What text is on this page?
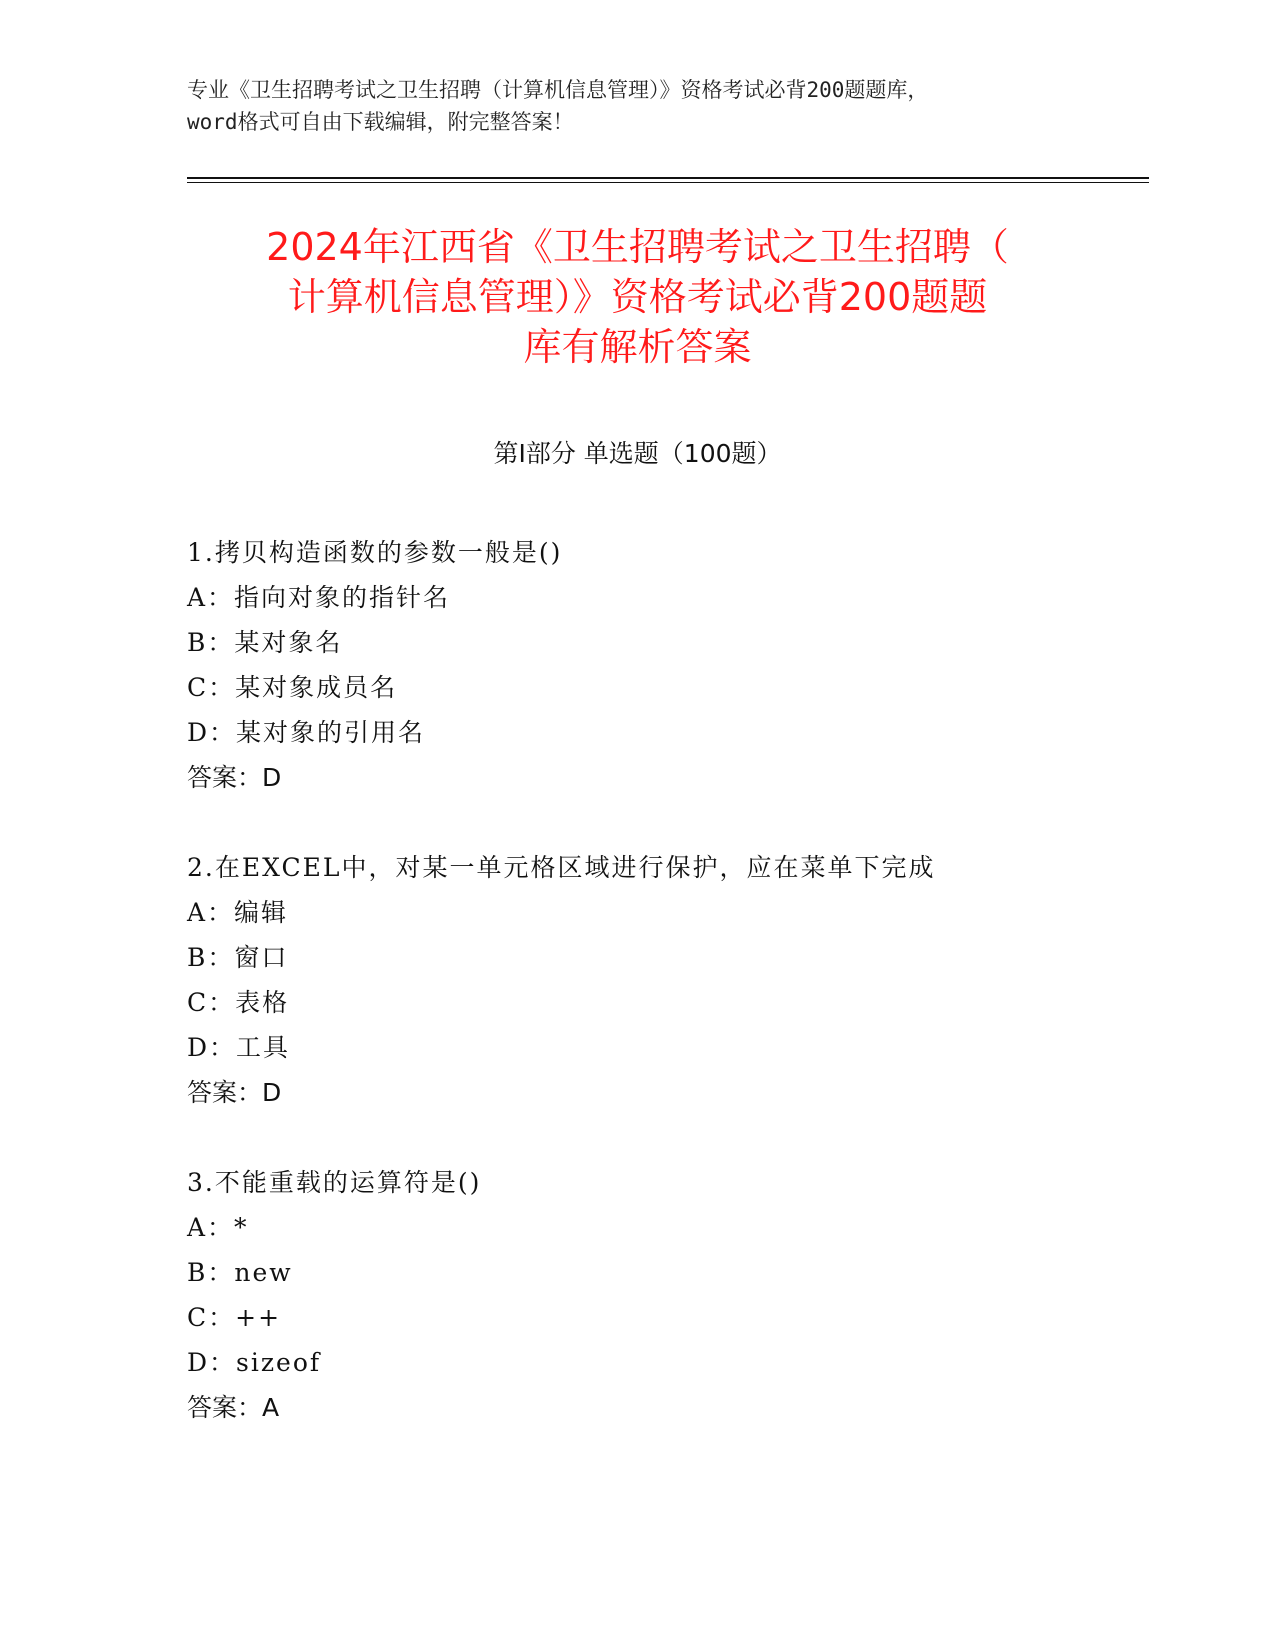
专业《卫生招聘考试之卫生招聘（计算机信息管理）》资格考试必背200题题库，
word格式可自由下载编辑，附完整答案！
2024年江西省《卫生招聘考试之卫生招聘（
计算机信息管理）》资格考试必背200题题
库有解析答案
第Ⅰ部分 单选题（100题）
1.拷贝构造函数的参数一般是()
A：指向对象的指针名
B：某对象名
C：某对象成员名
D：某对象的引用名
答案：D
2.在EXCEL中，对某一单元格区域进行保护，应在菜单下完成
A：编辑
B：窗口
C：表格
D：工具
答案：D
3.不能重载的运算符是()
A：*
B：new
C：++
D：sizeof
答案：A
